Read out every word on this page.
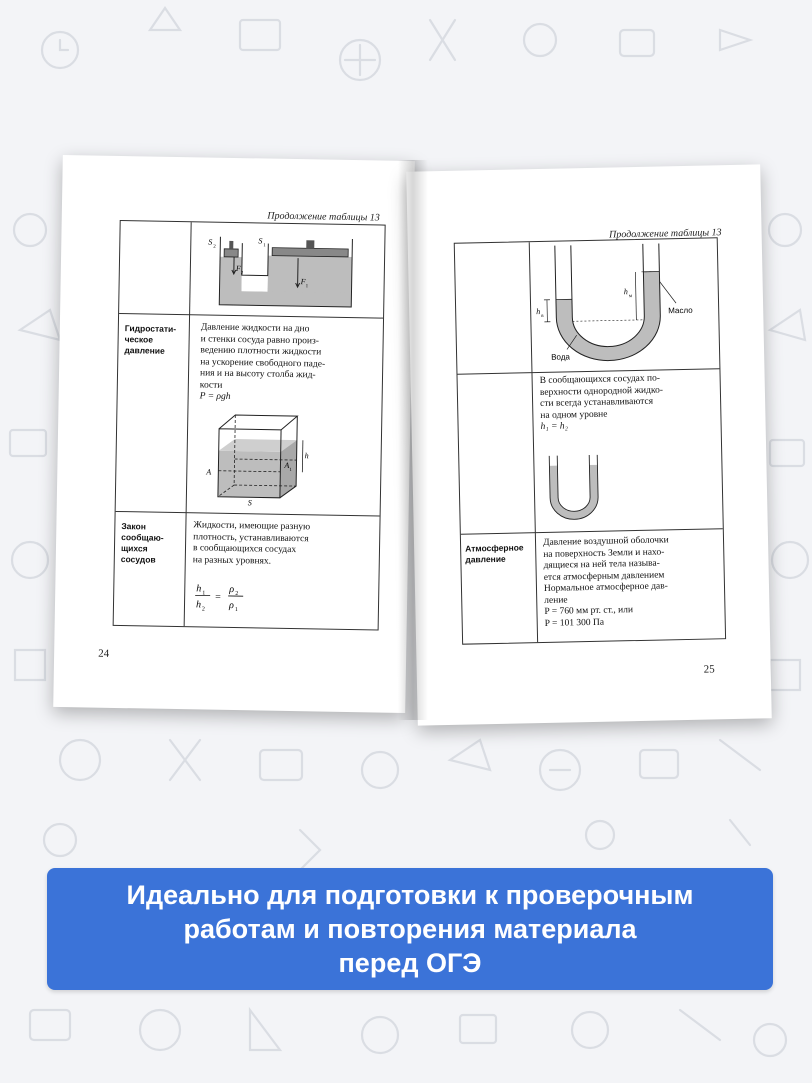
Продолжение таблицы 13
S
2
S
1
F
2
F
1
Гидростати-
ческое
давление
Давление жидкости на дно
и стенки сосуда равно произ-
ведению плотности жидкости
на ускорение свободного паде-
ния и на высоту столба жид-
кости
P = ρgh
A
A
1
h
S
Закон
сообщаю-
щихся
сосудов
Жидкости, имеющие разную
плотность, устанавливаются
в сообщающихся сосудах
на разных уровнях.
h 1
h 2
=
ρ 2
ρ 1
24
Продолжение таблицы 13
h
в
h
м
Масло
Вода
В сообщающихся сосудах по-
верхности однородной жидко-
сти всегда устанавливаются
на одном уровне
h₁ = h₂
Атмосферное
давление
Давление воздушной оболочки
на поверхность Земли и нахо-
дящиеся на ней тела называ-
ется атмосферным давлением
Нормальное атмосферное дав-
ление
P = 760 мм рт. ст., или
P = 101 300 Па
25
Идеально для подготовки к проверочным
работам и повторения материала
перед ОГЭ
